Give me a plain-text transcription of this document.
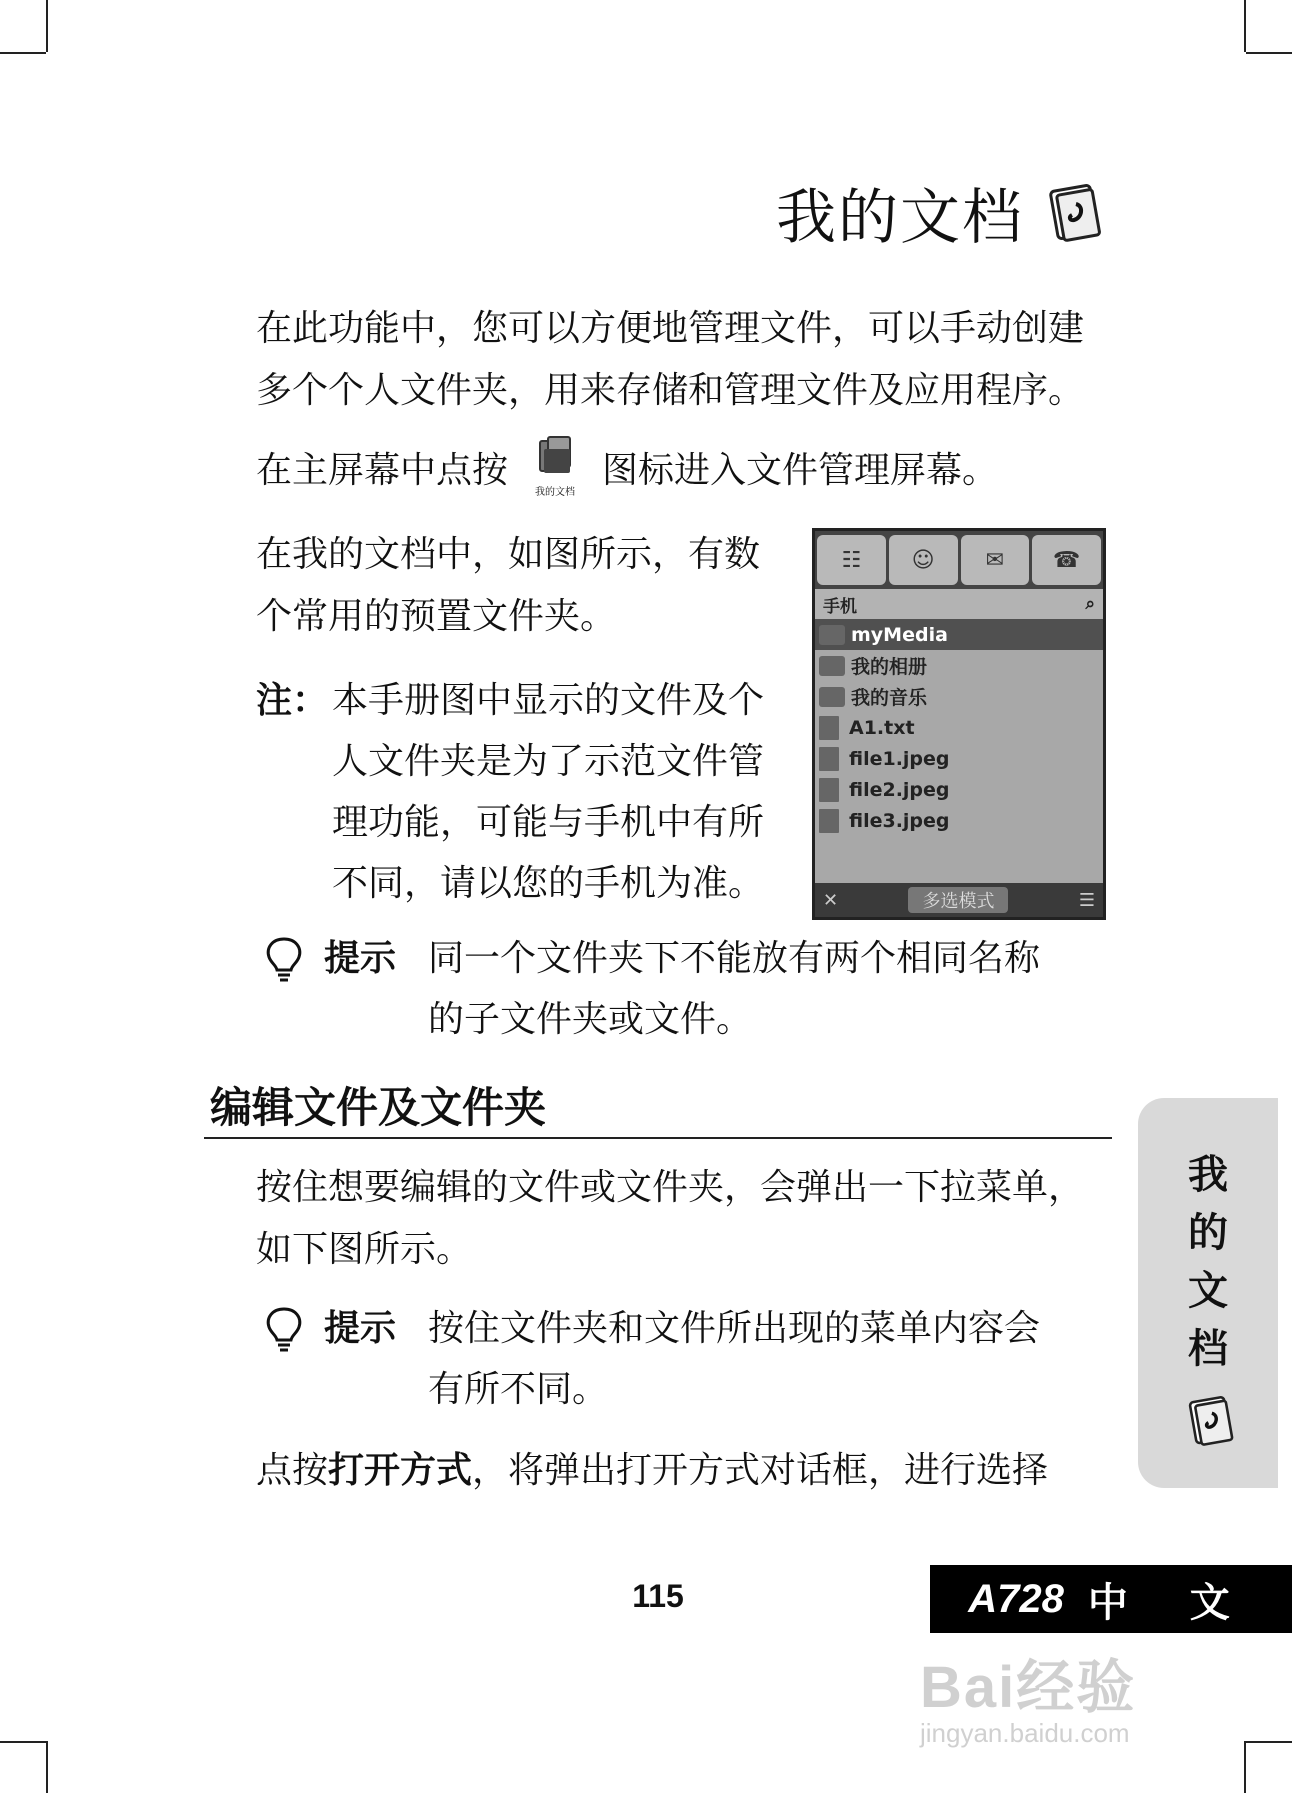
我的文档
在此功能中，您可以方便地管理文件，可以手动创建
多个个人文件夹，用来存储和管理文件及应用程序。
在主屏幕中点按
我的文档
图标进入文件管理屏幕。
在我的文档中，如图所示，有数
个常用的预置文件夹。
注： 本手册图中显示的文件及个
人文件夹是为了示范文件管
理功能，可能与手机中有所
不同，请以您的手机为准。
☷	☺	✉	☎
手机	⌕
myMedia
我的相册
我的音乐
A1.txt
file1.jpeg
file2.jpeg
file3.jpeg
✕	多选模式	☰
提示 同一个文件夹下不能放有两个相同名称
的子文件夹或文件。
编辑文件及文件夹
按住想要编辑的文件或文件夹，会弹出一下拉菜单，
如下图所示。
提示 按住文件夹和文件所出现的菜单内容会
有所不同。
点按打开方式，将弹出打开方式对话框，进行选择
我
的
文
档
115	A728 中 文
Bai经验
jingyan.baidu.com
